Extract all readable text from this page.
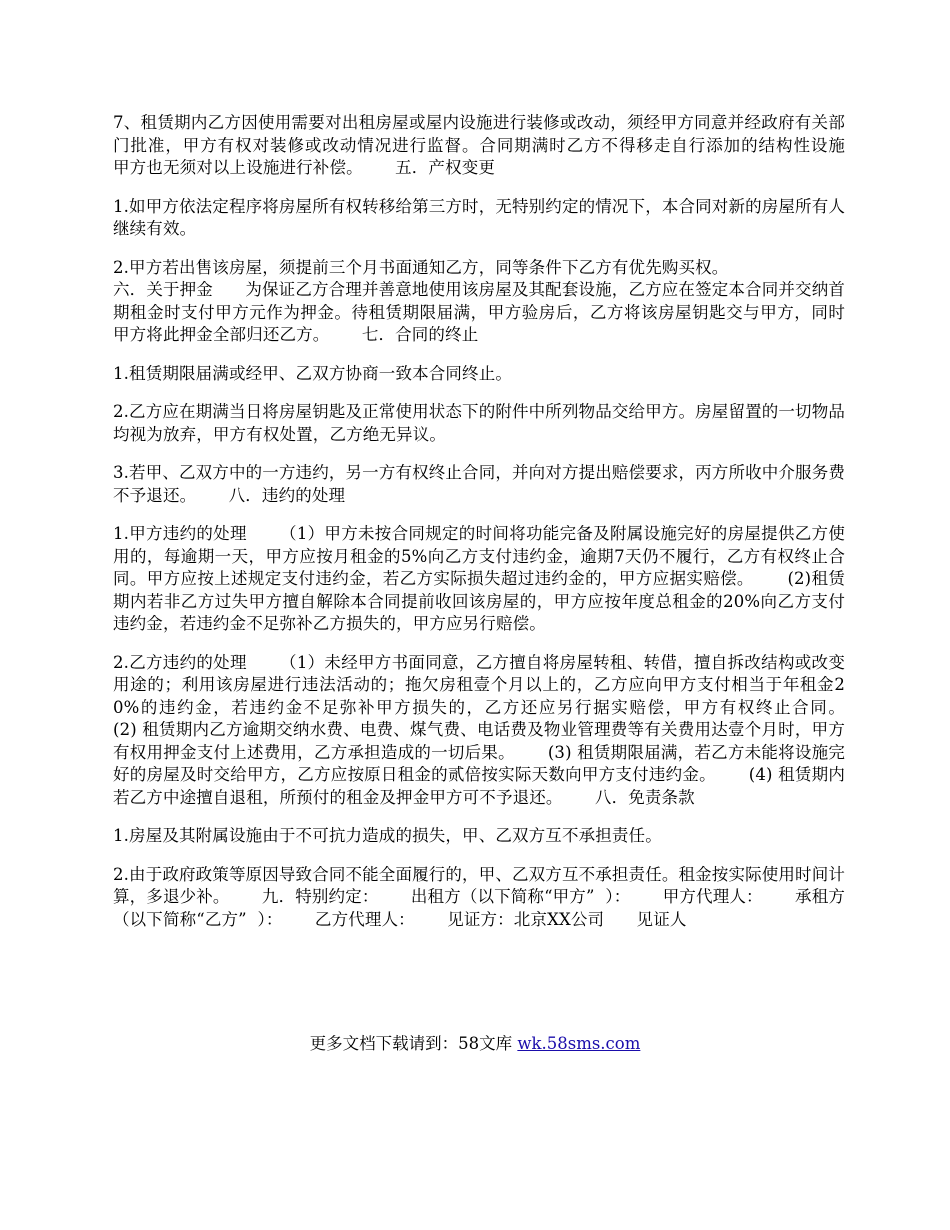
7、租赁期内乙方因使用需要对出租房屋或屋内设施进行装修或改动，须经甲方同意并经政府有关部门批准，甲方有权对装修或改动情况进行监督。合同期满时乙方不得移走自行添加的结构性设施      甲方也无须对以上设施进行补偿。      五．产权变更

1.如甲方依法定程序将房屋所有权转移给第三方时，无特别约定的情况下，本合同对新的房屋所有人继续有效。

2.甲方若出售该房屋，须提前三个月书面通知乙方，同等条件下乙方有优先购买权。

六．关于押金      为保证乙方合理并善意地使用该房屋及其配套设施，乙方应在签定本合同并交纳首期租金时支付甲方元作为押金。待租赁期限届满，甲方验房后，乙方将该房屋钥匙交与甲方，同时甲方将此押金全部归还乙方。      七．合同的终止

1.租赁期限届满或经甲、乙双方协商一致本合同终止。

2.乙方应在期满当日将房屋钥匙及正常使用状态下的附件中所列物品交给甲方。房屋留置的一切物品均视为放弃，甲方有权处置，乙方绝无异议。

3.若甲、乙双方中的一方违约，另一方有权终止合同，并向对方提出赔偿要求，丙方所收中介服务费不予退还。      八．违约的处理

1.甲方违约的处理      （1）甲方未按合同规定的时间将功能完备及附属设施完好的房屋提供乙方使用的，每逾期一天，甲方应按月租金的5%向乙方支付违约金，逾期7天仍不履行，乙方有权终止合同。甲方应按上述规定支付违约金，若乙方实际损失超过违约金的，甲方应据实赔偿。      (2)租赁期内若非乙方过失甲方擅自解除本合同提前收回该房屋的，甲方应按年度总租金的20%向乙方支付违约金，若违约金不足弥补乙方损失的，甲方应另行赔偿。

2.乙方违约的处理      （1）未经甲方书面同意，乙方擅自将房屋转租、转借，擅自拆改结构或改变用途的；利用该房屋进行违法活动的；拖欠房租壹个月以上的，乙方应向甲方支付相当于年租金20%的违约金，若违约金不足弥补甲方损失的，乙方还应另行据实赔偿，甲方有权终止合同。      (2) 租赁期内乙方逾期交纳水费、电费、煤气费、电话费及物业管理费等有关费用达壹个月时，甲方有权用押金支付上述费用，乙方承担造成的一切后果。      (3) 租赁期限届满，若乙方未能将设施完好的房屋及时交给甲方，乙方应按原日租金的贰倍按实际天数向甲方支付违约金。      (4) 租赁期内若乙方中途擅自退租，所预付的租金及押金甲方可不予退还。      八．免责条款

1.房屋及其附属设施由于不可抗力造成的损失，甲、乙双方互不承担责任。

2.由于政府政策等原因导致合同不能全面履行的，甲、乙双方互不承担责任。租金按实际使用时间计算，多退少补。      九．特别约定：      出租方（以下简称“甲方”  ）：      甲方代理人：      承租方（以下简称“乙方”  ）：      乙方代理人：      见证方：北京XX公司      见证人

更多文档下载请到：58文库 wk.58sms.com
